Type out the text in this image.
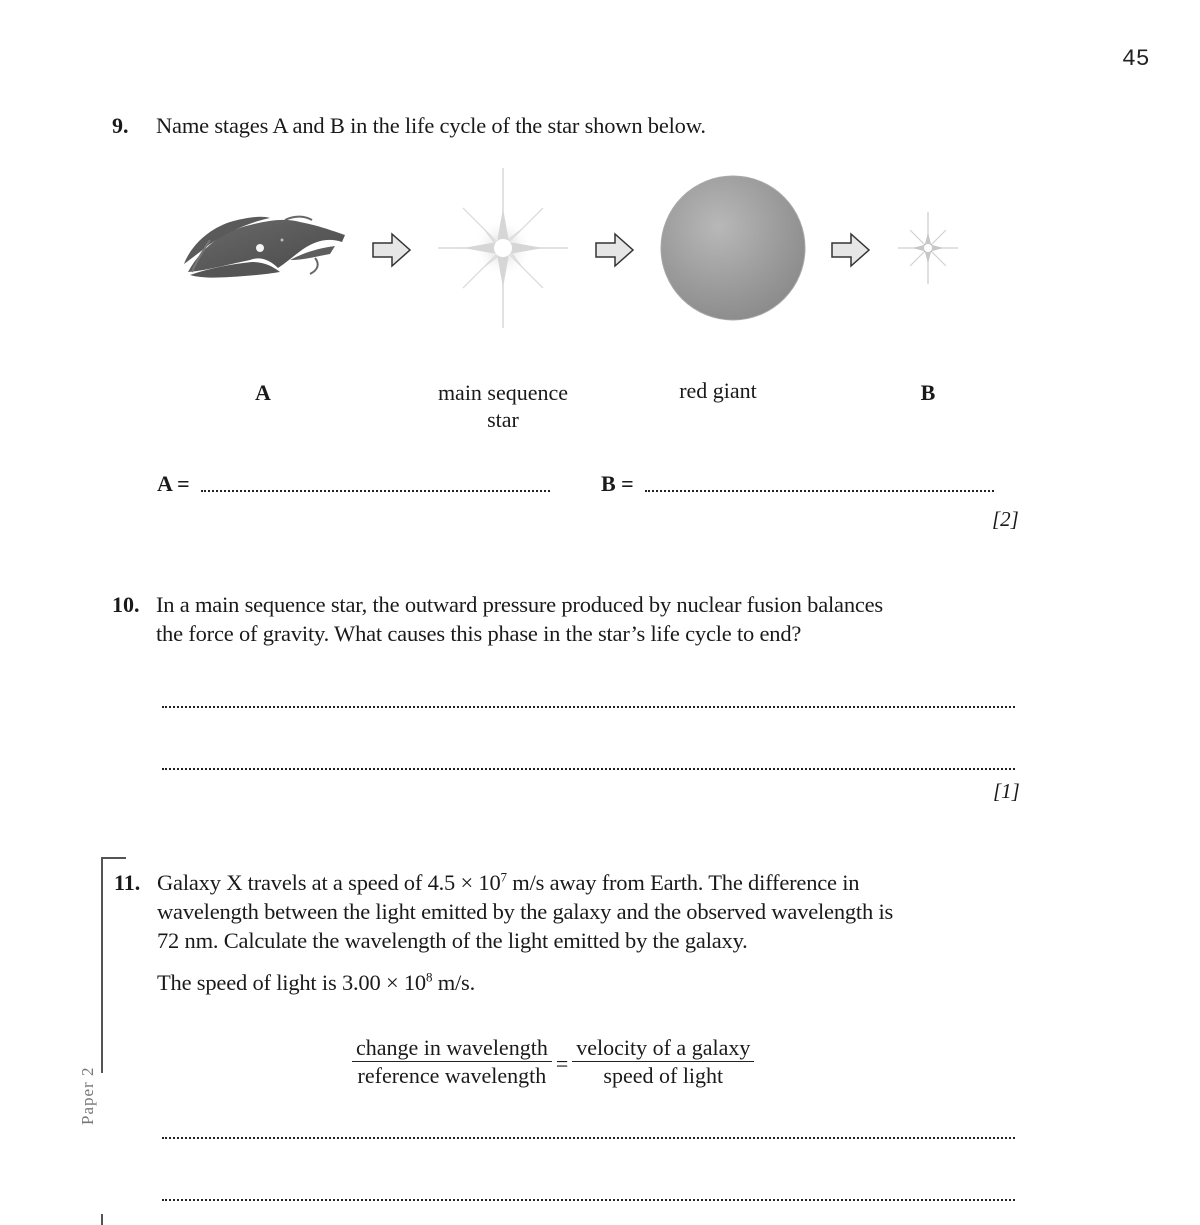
45
9. Name stages A and B in the life cycle of the star shown below.
A	main sequence
star
red giant	B
A =	B =
[2]
10. In a main sequence star, the outward pressure produced by nuclear fusion balances
the force of gravity. What causes this phase in the star’s life cycle to end?
[1]
Paper 2
11. Galaxy X travels at a speed of $4.5 \times 10^7$ m/s away from Earth. The difference in
wavelength between the light emitted by the galaxy and the observed wavelength is
72 nm. Calculate the wavelength of the light emitted by the galaxy.
The speed of light is $3.00 \times 10^8$ m/s.
$\frac{\text{change in wavelength}}{\text{reference wavelength}} = \frac{\text{velocity of a galaxy}}{\text{speed of light}}$
